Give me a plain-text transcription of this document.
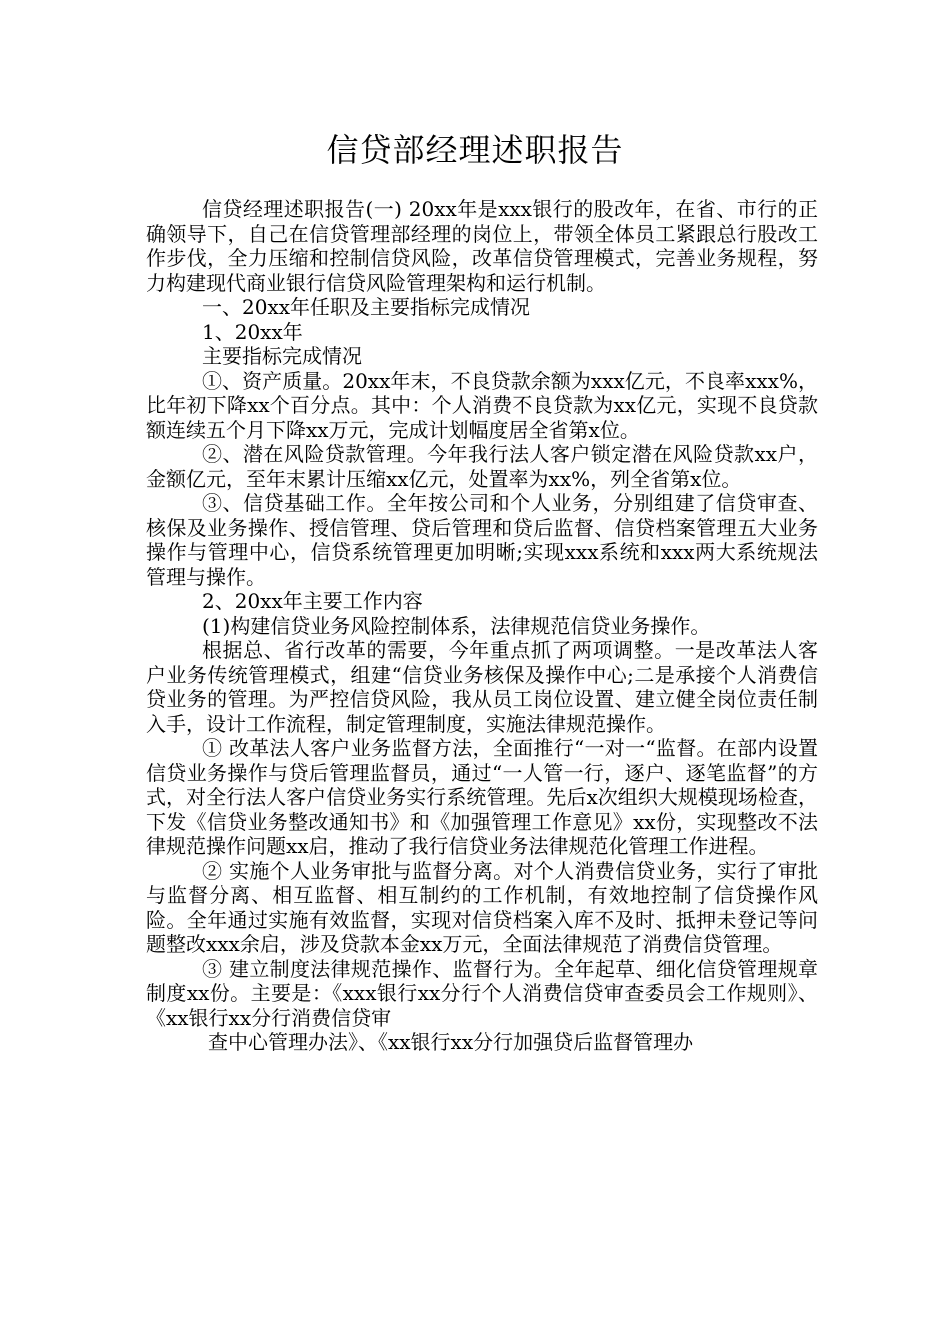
信贷部经理述职报告

信贷经理述职报告(一) 20xx年是xxx银行的股改年，在省、市行的正确领导下，自己在信贷管理部经理的岗位上，带领全体员工紧跟总行股改工作步伐，全力压缩和控制信贷风险，改革信贷管理模式，完善业务规程，努力构建现代商业银行信贷风险管理架构和运行机制。

一、20xx年任职及主要指标完成情况

1、20xx年

主要指标完成情况

①、资产质量。20xx年末，不良贷款余额为xxx亿元，不良率xxx%，比年初下降xx个百分点。其中：个人消费不良贷款为xx亿元，实现不良贷款额连续五个月下降xx万元，完成计划幅度居全省第x位。

②、潜在风险贷款管理。今年我行法人客户锁定潜在风险贷款xx户，金额亿元，至年末累计压缩xx亿元，处置率为xx%，列全省第x位。

③、信贷基础工作。全年按公司和个人业务，分别组建了信贷审查、核保及业务操作、授信管理、贷后管理和贷后监督、信贷档案管理五大业务操作与管理中心，信贷系统管理更加明晰;实现xxx系统和xxx两大系统规法管理与操作。

2、20xx年主要工作内容

(1)构建信贷业务风险控制体系，法律规范信贷业务操作。

根据总、省行改革的需要，今年重点抓了两项调整。一是改革法人客户业务传统管理模式，组建“信贷业务核保及操作中心;二是承接个人消费信贷业务的管理。为严控信贷风险，我从员工岗位设置、建立健全岗位责任制入手，设计工作流程，制定管理制度，实施法律规范操作。

① 改革法人客户业务监督方法，全面推行“一对一“监督。在部内设置信贷业务操作与贷后管理监督员，通过“一人管一行，逐户、逐笔监督”的方式，对全行法人客户信贷业务实行系统管理。先后x次组织大规模现场检查，下发《信贷业务整改通知书》和《加强管理工作意见》xx份，实现整改不法律规范操作问题xx启，推动了我行信贷业务法律规范化管理工作进程。

② 实施个人业务审批与监督分离。对个人消费信贷业务，实行了审批与监督分离、相互监督、相互制约的工作机制，有效地控制了信贷操作风险。全年通过实施有效监督，实现对信贷档案入库不及时、抵押未登记等问题整改xxx余启，涉及贷款本金xx万元，全面法律规范了消费信贷管理。

③ 建立制度法律规范操作、监督行为。全年起草、细化信贷管理规章制度xx份。主要是：《xxx银行xx分行个人消费信贷审查委员会工作规则》、《xx银行xx分行消费信贷审

查中心管理办法》、《xx银行xx分行加强贷后监督管理办
